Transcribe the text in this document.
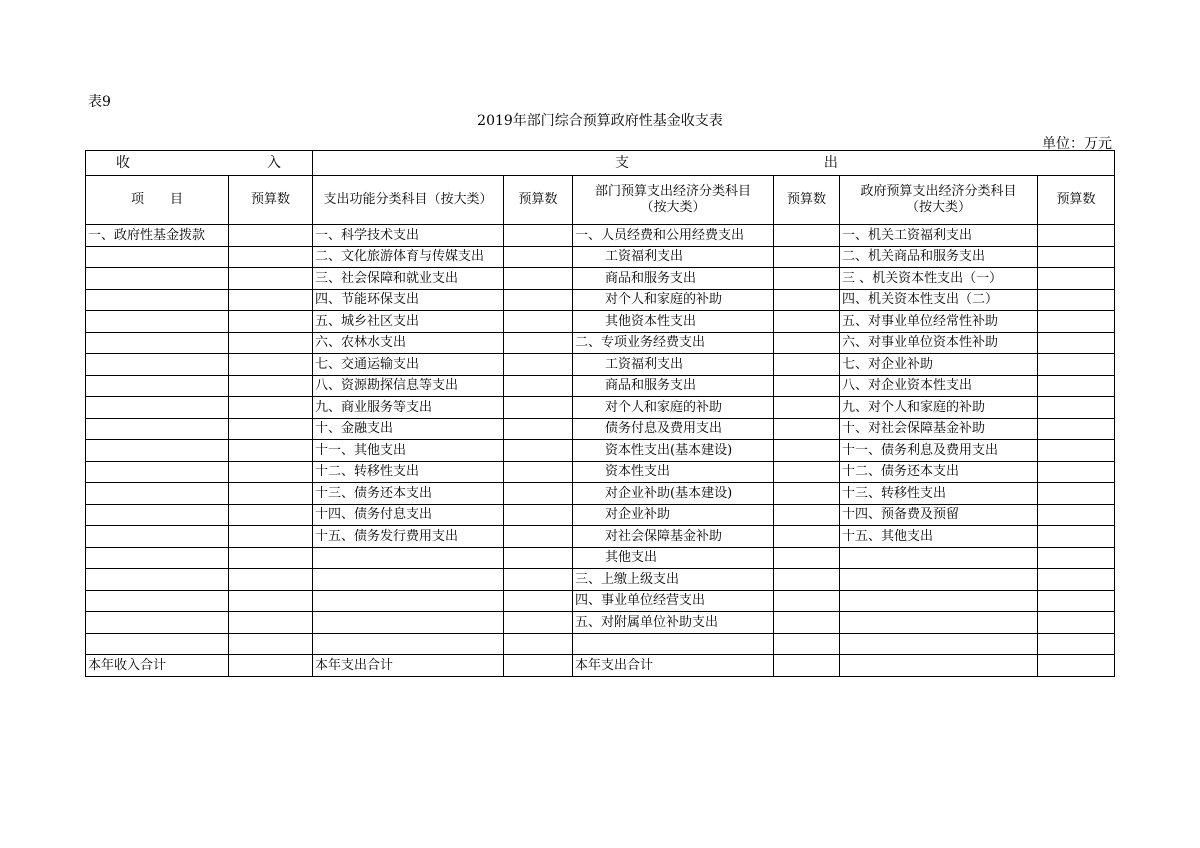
表9
2019年部门综合预算政府性基金收支表
单位：万元
收 入		支 出					
项　　目	预算数	支出功能分类科目（按大类）	预算数	部门预算支出经济分类科目（按大类）	预算数	政府预算支出经济分类科目（按大类）	预算数
一、政府性基金拨款		一、科学技术支出		一、人员经费和公用经费支出		一、机关工资福利支出	
		二、文化旅游体育与传媒支出		工资福利支出		二、机关商品和服务支出	
		三、社会保障和就业支出		商品和服务支出		三 、机关资本性支出（一）	
		四、节能环保支出		对个人和家庭的补助		四、机关资本性支出（二）	
		五、城乡社区支出		其他资本性支出		五、对事业单位经常性补助	
		六、农林水支出		二、专项业务经费支出		六、对事业单位资本性补助	
		七、交通运输支出		工资福利支出		七、对企业补助	
		八、资源勘探信息等支出		商品和服务支出		八、对企业资本性支出	
		九、商业服务等支出		对个人和家庭的补助		九、对个人和家庭的补助	
		十、金融支出		债务付息及费用支出		十、对社会保障基金补助	
		十一、其他支出		资本性支出(基本建设)		十一、债务利息及费用支出	
		十二、转移性支出		资本性支出		十二、债务还本支出	
		十三、债务还本支出		对企业补助(基本建设)		十三、转移性支出	
		十四、债务付息支出		对企业补助		十四、预备费及预留	
		十五、债务发行费用支出		对社会保障基金补助		十五、其他支出	
				其他支出			
				三、上缴上级支出			
				四、事业单位经营支出			
				五、对附属单位补助支出			

本年收入合计		本年支出合计		本年支出合计			
